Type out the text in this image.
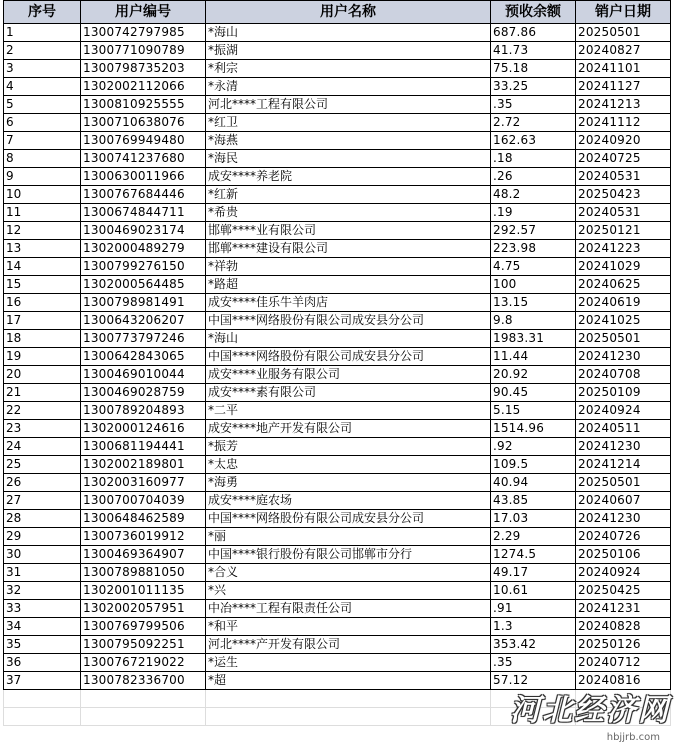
序号	用户编号	用户名称	预收余额	销户日期
1	1300742797985	*海山	687.86	20250501
2	1300771090789	*振湖	41.73	20240827
3	1300798735203	*利宗	75.18	20241101
4	1302002112066	*永清	33.25	20241127
5	1300810925555	河北****工程有限公司	.35	20241213
6	1300710638076	*红卫	2.72	20241112
7	1300769949480	*海燕	162.63	20240920
8	1300741237680	*海民	.18	20240725
9	1300630011966	成安****养老院	.26	20240531
10	1300767684446	*红新	48.2	20250423
11	1300674844711	*希贵	.19	20240531
12	1300469023174	邯郸****业有限公司	292.57	20250121
13	1302000489279	邯郸****建设有限公司	223.98	20241223
14	1300799276150	*祥勃	4.75	20241029
15	1302000564485	*路超	100	20240625
16	1300798981491	成安****佳乐牛羊肉店	13.15	20240619
17	1300643206207	中国****网络股份有限公司成安县分公司	9.8	20241025
18	1300773797246	*海山	1983.31	20250501
19	1300642843065	中国****网络股份有限公司成安县分公司	11.44	20241230
20	1300469010044	成安****业服务有限公司	20.92	20240708
21	1300469028759	成安****素有限公司	90.45	20250109
22	1300789204893	*二平	5.15	20240924
23	1302000124616	成安****地产开发有限公司	1514.96	20240511
24	1300681194441	*振芳	.92	20241230
25	1302002189801	*太忠	109.5	20241214
26	1302003160977	*海勇	40.94	20250501
27	1300700704039	成安****庭农场	43.85	20240607
28	1300648462589	中国****网络股份有限公司成安县分公司	17.03	20241230
29	1300736019912	*丽	2.29	20240726
30	1300469364907	中国****银行股份有限公司邯郸市分行	1274.5	20250106
31	1300789881050	*合义	49.17	20240924
32	1302001011135	*兴	10.61	20250425
33	1302002057951	中冶****工程有限责任公司	.91	20241231
34	1300769799506	*和平	1.3	20240828
35	1300795092251	河北****产开发有限公司	353.42	20250126
36	1300767219022	*运生	.35	20240712
37	1300782336700	*超	57.12	20240816

河北经济网
hbjjrb.com
